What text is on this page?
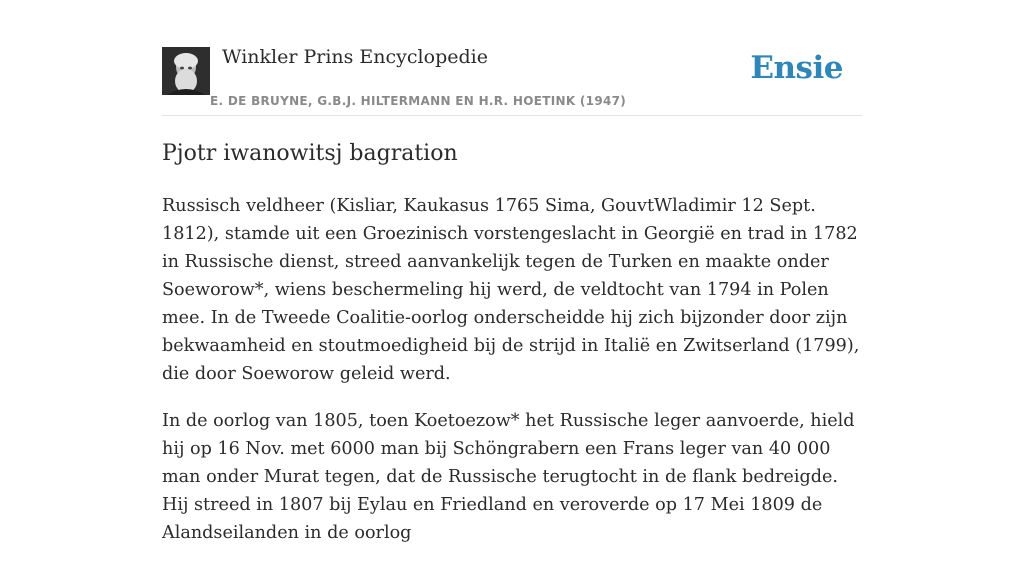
Winkler Prins Encyclopedie
E. DE BRUYNE, G.B.J. HILTERMANN EN H.R. HOETINK (1947)
Ensie
Pjotr iwanowitsj bagration

Russisch veldheer (Kisliar, Kaukasus 1765 Sima, GouvtWladimir 12 Sept. 1812), stamde uit een Groezinisch vorstengeslacht in Georgië en trad in 1782 in Russische dienst, streed aanvankelijk tegen de Turken en maakte onder Soeworow*, wiens beschermeling hij werd, de veldtocht van 1794 in Polen mee. In de Tweede Coalitie-oorlog onderscheidde hij zich bijzonder door zijn bekwaamheid en stoutmoedigheid bij de strijd in Italië en Zwitserland (1799), die door Soeworow geleid werd.

In de oorlog van 1805, toen Koetoezow* het Russische leger aanvoerde, hield hij op 16 Nov. met 6000 man bij Schöngrabern een Frans leger van 40 000 man onder Murat tegen, dat de Russische terugtocht in de flank bedreigde. Hij streed in 1807 bij Eylau en Friedland en veroverde op 17 Mei 1809 de Alandseilanden in de oorlog
